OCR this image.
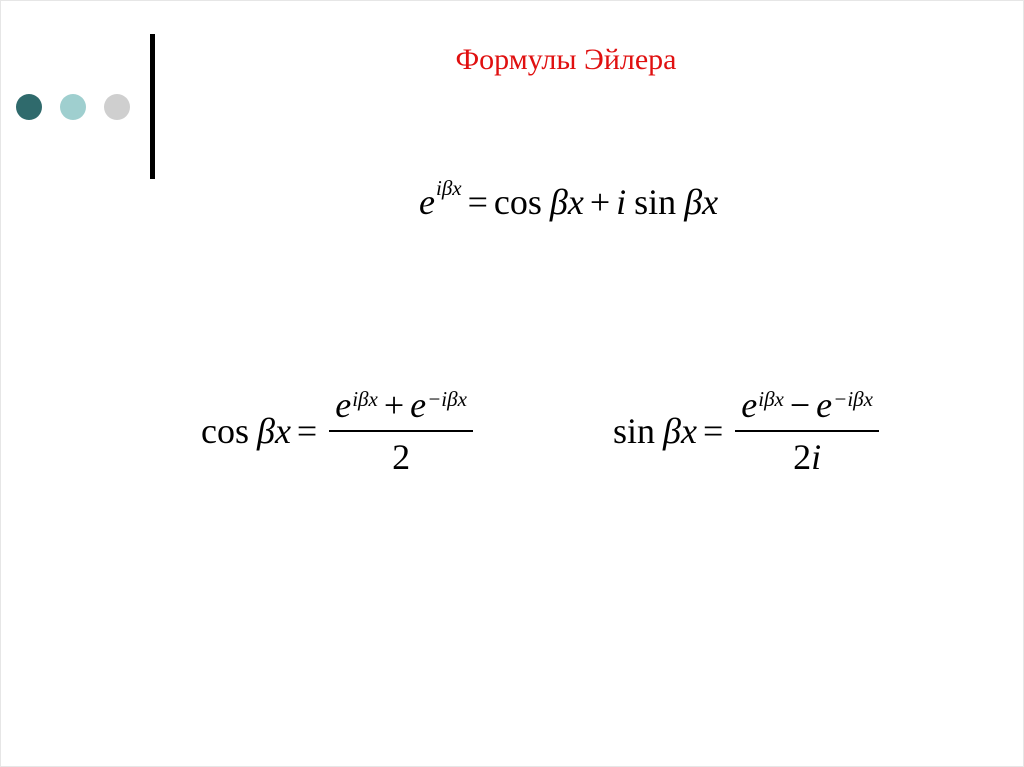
Формулы Эйлера
e iβx = cos β x + i sin β x
cos β $x = \frac{\text{e iβx + e −iβx}}{2}$	sin β $x = \frac{\text{e iβx − e −iβx}}{2i}$
